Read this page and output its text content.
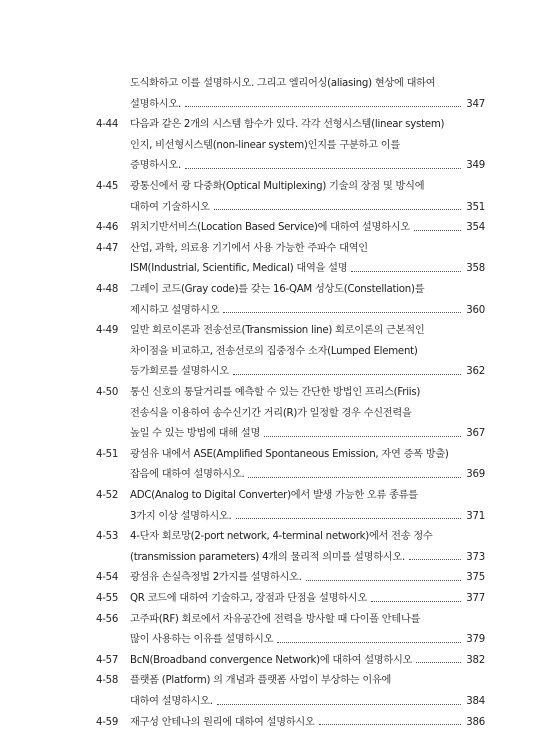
도식화하고 이를 설명하시오. 그리고 엘리어싱(aliasing) 현상에 대하여
설명하시오.	347
4-44	다음과 같은 2개의 시스템 함수가 있다. 각각 선형시스템(linear system)
인지, 비선형시스템(non-linear system)인지를 구분하고 이를
증명하시오.	349
4-45	광통신에서 광 다중화(Optical Multiplexing) 기술의 장점 및 방식에
대하여 기술하시오	351
4-46	위치기반서비스(Location Based Service)에 대하여 설명하시오	354
4-47	산업, 과학, 의료용 기기에서 사용 가능한 주파수 대역인
ISM(Industrial, Scientific, Medical) 대역을 설명	358
4-48	그레이 코드(Gray code)를 갖는 16-QAM 성상도(Constellation)를
제시하고 설명하시오	360
4-49	일반 회로이론과 전송선로(Transmission line) 회로이론의 근본적인
차이점을 비교하고, 전송선로의 집중정수 소자(Lumped Element)
등가회로를 설명하시오	362
4-50	통신 신호의 통달거리를 예측할 수 있는 간단한 방법인 프리스(Friis)
전송식을 이용하여 송수신기간 거리(R)가 일정할 경우 수신전력을
높일 수 있는 방법에 대해 설명	367
4-51	광섬유 내에서 ASE(Amplified Spontaneous Emission, 자연 증폭 방출)
잡음에 대하여 설명하시오.	369
4-52	ADC(Analog to Digital Converter)에서 발생 가능한 오류 종류를
3가지 이상 설명하시오.	371
4-53	4-단자 회로망(2-port network, 4-terminal network)에서 전송 정수
(transmission parameters) 4개의 물리적 의미를 설명하시오.	373
4-54	광섬유 손실측정법 2가지를 설명하시오.	375
4-55	QR 코드에 대하여 기술하고, 장점과 단점을 설명하시오	377
4-56	고주파(RF) 회로에서 자유공간에 전력을 방사할 때 다이폴 안테나를
많이 사용하는 이유를 설명하시오	379
4-57	BcN(Broadband convergence Network)에 대하여 설명하시오	382
4-58	플랫폼 (Platform) 의 개념과 플랫폼 사업이 부상하는 이유에
대하여 설명하시오.	384
4-59	재구성 안테나의 원리에 대하여 설명하시오	386
